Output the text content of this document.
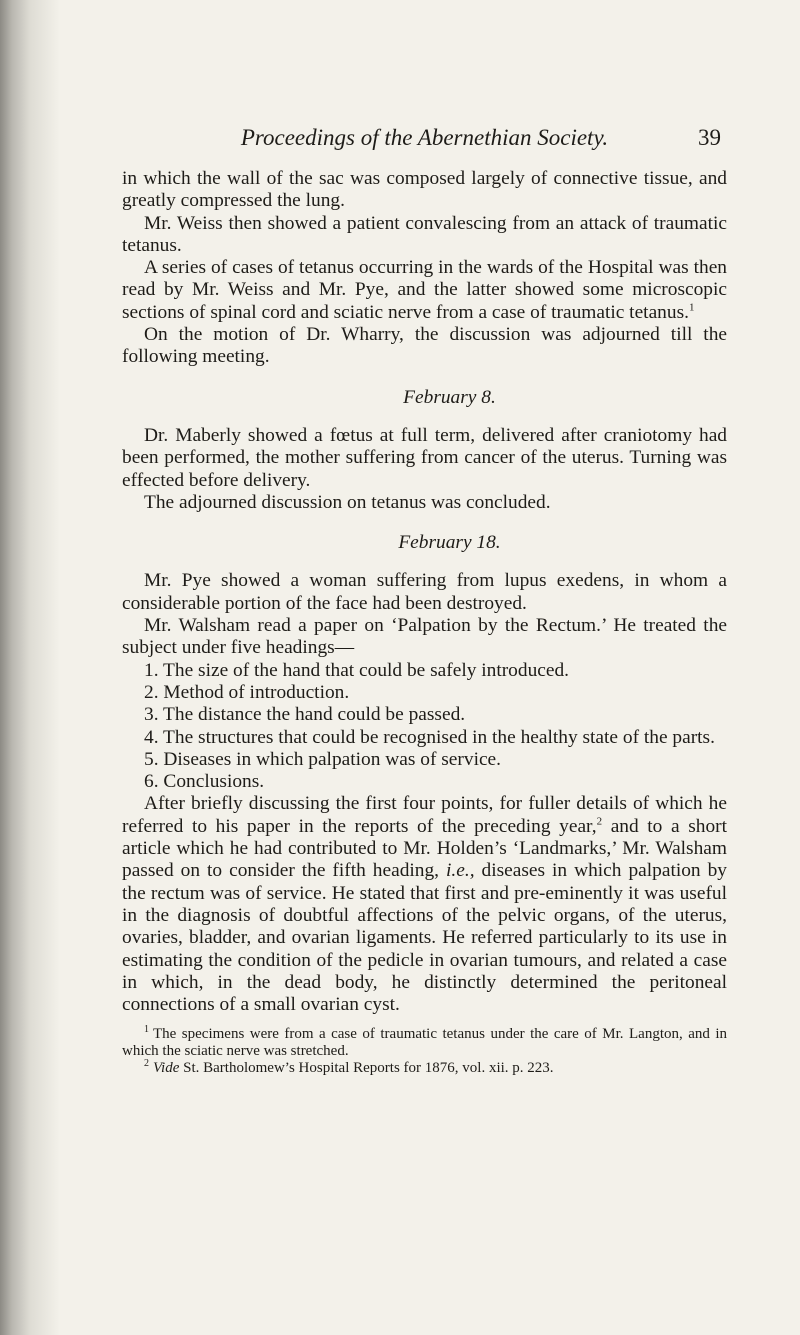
Proceedings of the Abernethian Society.	39

in which the wall of the sac was composed largely of connective tissue, and greatly compressed the lung.

Mr. Weiss then showed a patient convalescing from an attack of traumatic tetanus.

A series of cases of tetanus occurring in the wards of the Hospital was then read by Mr. Weiss and Mr. Pye, and the latter showed some microscopic sections of spinal cord and sciatic nerve from a case of traumatic tetanus.$^1$

On the motion of Dr. Wharry, the discussion was adjourned till the following meeting.

February 8.

Dr. Maberly showed a fœtus at full term, delivered after craniotomy had been performed, the mother suffering from cancer of the uterus. Turning was effected before delivery.

The adjourned discussion on tetanus was concluded.

February 18.

Mr. Pye showed a woman suffering from lupus exedens, in whom a considerable portion of the face had been destroyed.

Mr. Walsham read a paper on ‘Palpation by the Rectum.’ He treated the subject under five headings—

1. The size of the hand that could be safely introduced.

2. Method of introduction.

3. The distance the hand could be passed.

4. The structures that could be recognised in the healthy state of the parts.

5. Diseases in which palpation was of service.

6. Conclusions.

After briefly discussing the first four points, for fuller details of which he referred to his paper in the reports of the preceding year,$^2$ and to a short article which he had contributed to Mr. Holden’s ‘Landmarks,’ Mr. Walsham passed on to consider the fifth heading, i.e., diseases in which palpation by the rectum was of service. He stated that first and pre-eminently it was useful in the diagnosis of doubtful affections of the pelvic organs, of the uterus, ovaries, bladder, and ovarian ligaments. He referred particularly to its use in estimating the condition of the pedicle in ovarian tumours, and related a case in which, in the dead body, he distinctly determined the peritoneal connections of a small ovarian cyst.

$^1$ The specimens were from a case of traumatic tetanus under the care of Mr. Langton, and in which the sciatic nerve was stretched.

$^2$ Vide St. Bartholomew’s Hospital Reports for 1876, vol. xii. p. 223.
